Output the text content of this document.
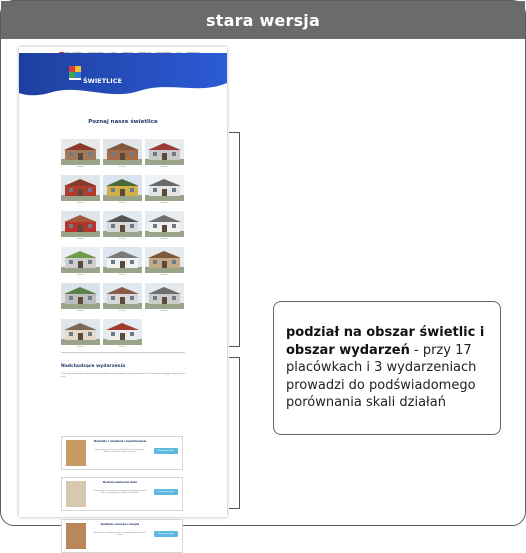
stara wersja
ŚWIETLICE
Poznaj nasze świetlice
Świetlica	Świetlica	Świetlica
Świetlica	Świetlica	Świetlica
Świetlica	Świetlica	Świetlica
Świetlica	Świetlica	Świetlica
Świetlica	Świetlica	Świetlica
Świetlica	Świetlica
Nadchodzące wydarzenia
Dołącz do nas podczas nadchodzących wydarzeń organizowanych w naszych świetlicach. Sprawdź szczegóły i zapisz się już dziś.
Warsztaty z rękodzieła i majsterkowania
Zapraszamy na warsztaty rękodzieła dla dzieci i dorosłych. Wspólnie tworzymy ozdoby i upominki.
Dowiedz się więcej
Wystawa plastyczna dzieci
Zapraszamy na wystawę prac plastycznych wykonanych przez dzieci uczęszczające na zajęcia w świetlicach.
Dowiedz się więcej
Spotkanie seniorów z muzyką
Zapraszamy na wspólne śpiewanie i muzykowanie przy kawie i cieście.
Dowiedz się więcej

podział na obszar świetlic i obszar wydarzeń - przy 17 placówkach i 3 wydarzeniach prowadzi do podświadomego porównania skali działań
